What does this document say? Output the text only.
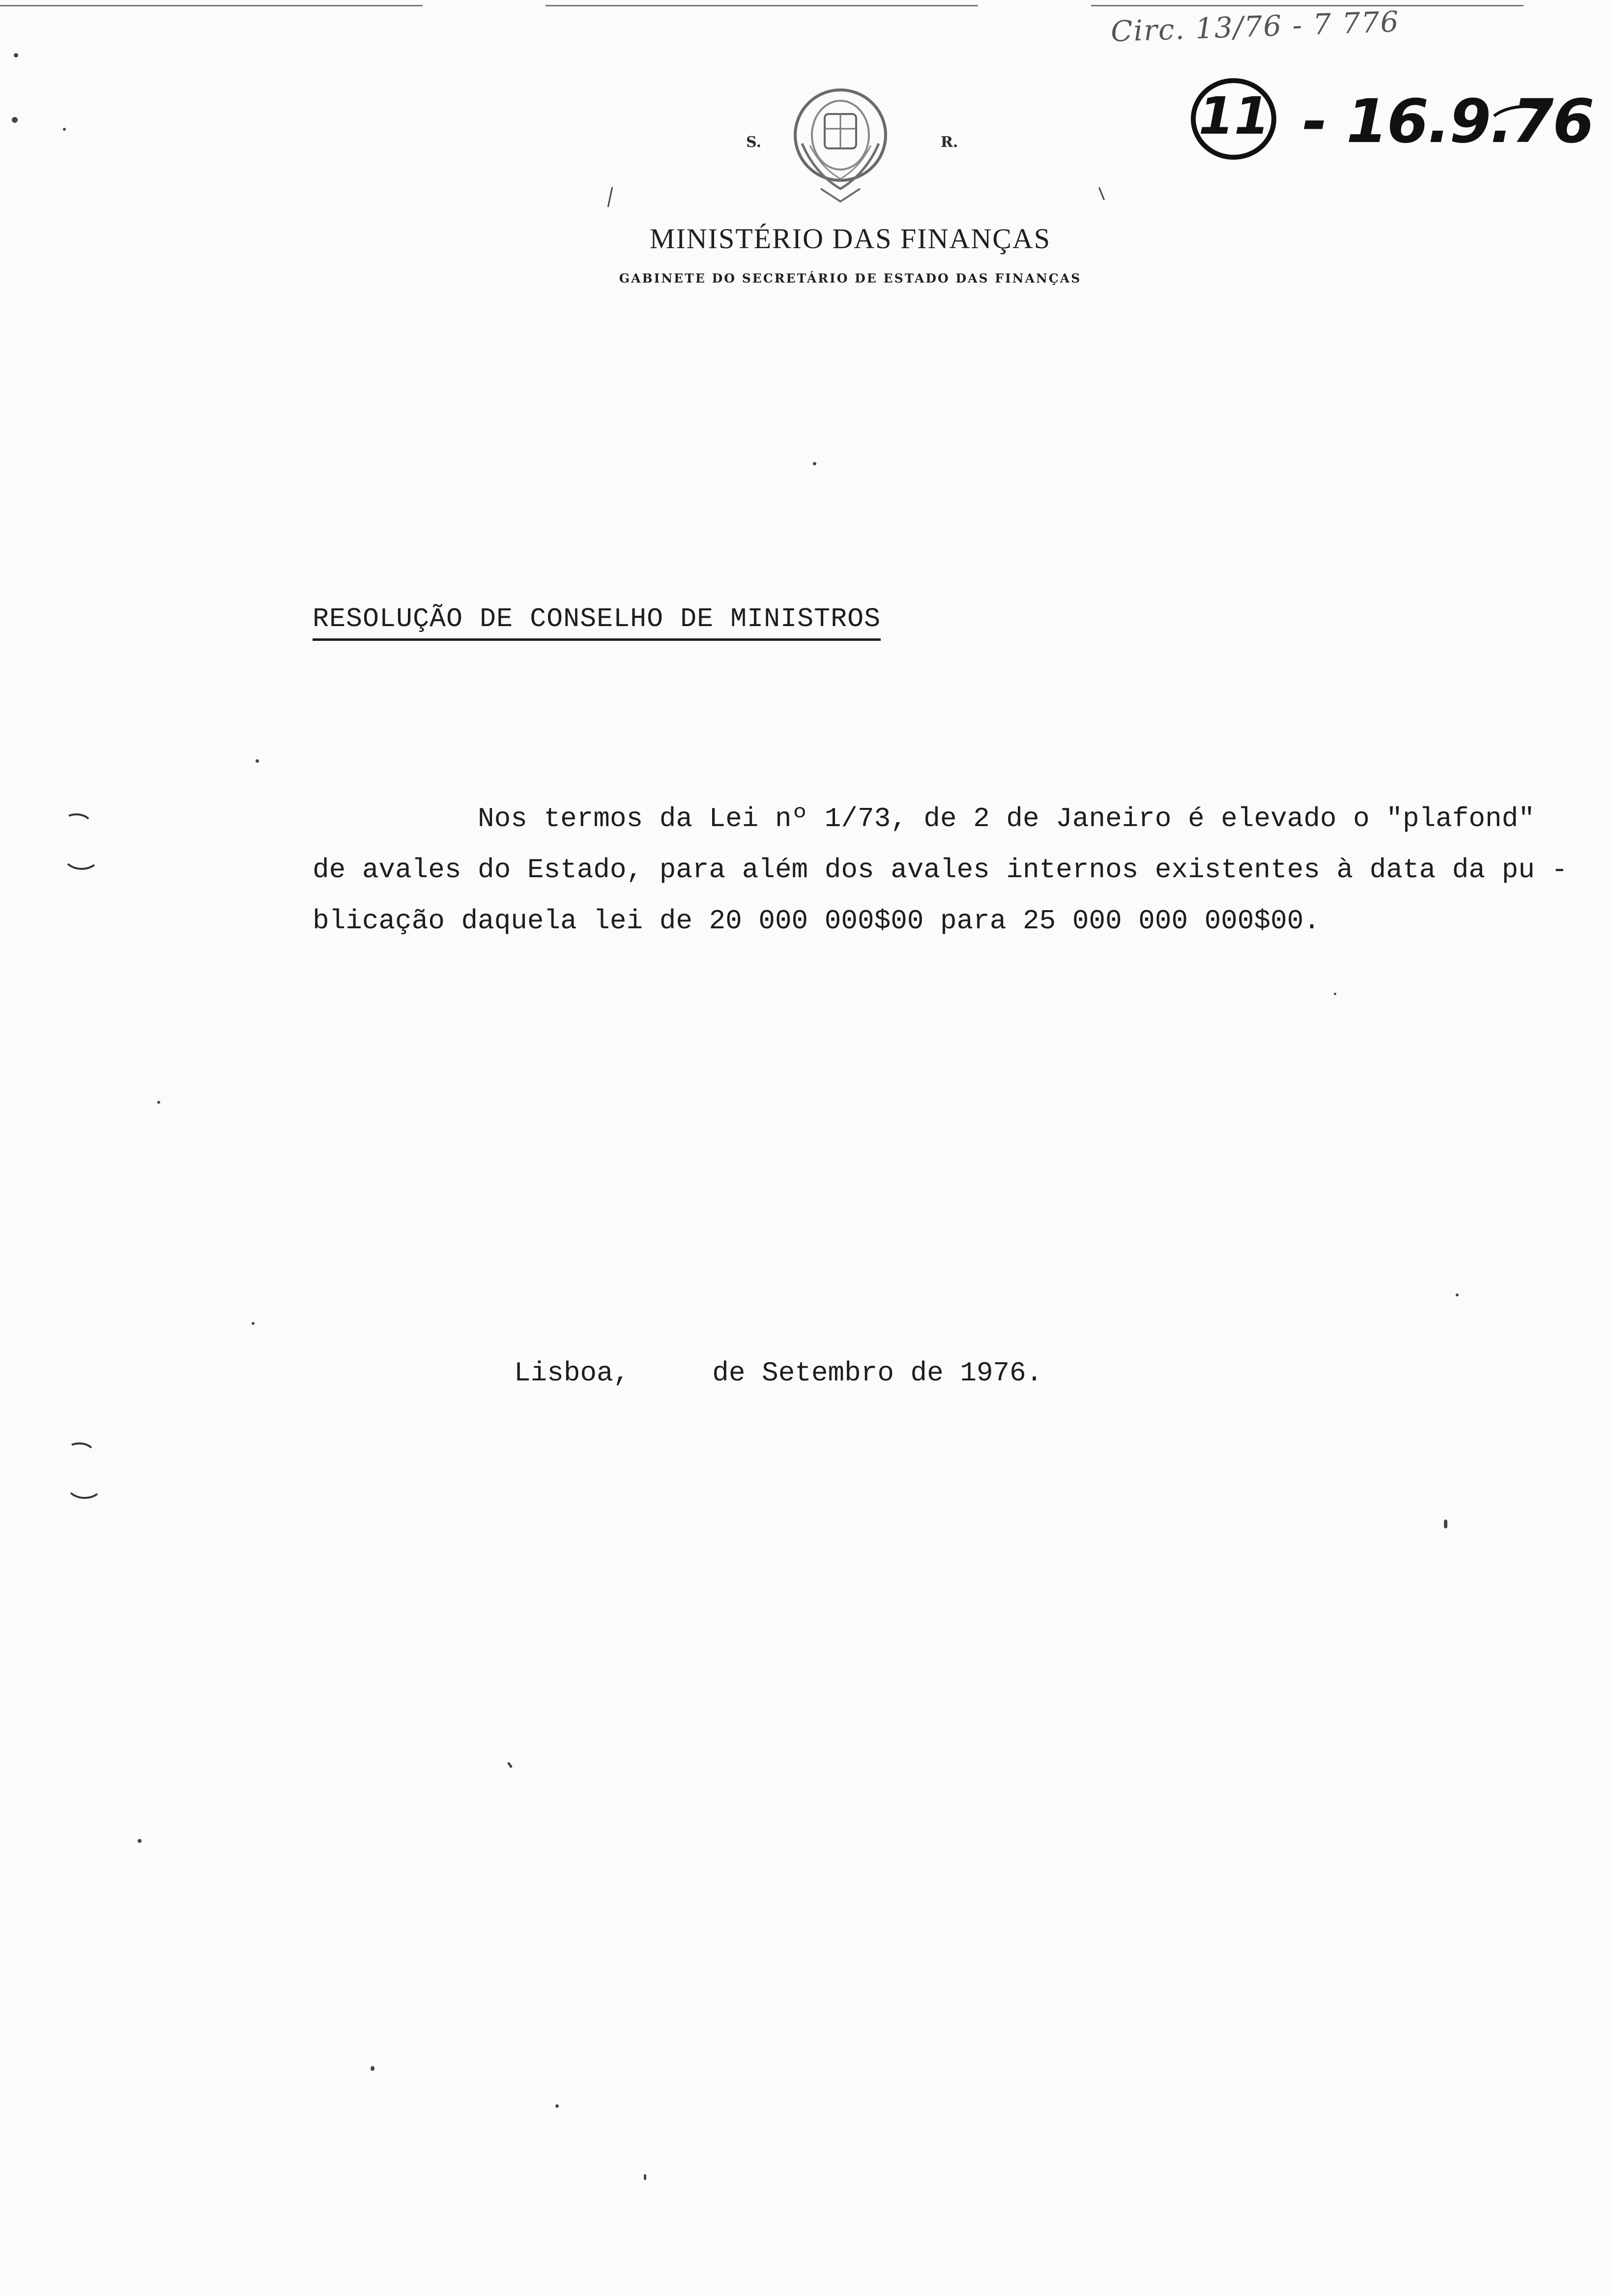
Circ. 13/76 - 7 776
11 - 16.9.76
S.	R.
MINISTÉRIO DAS FINANÇAS
GABINETE DO SECRETÁRIO DE ESTADO DAS FINANÇAS
RESOLUÇÃO DE CONSELHO DE MINISTROS
Nos termos da Lei nº 1/73, de 2 de Janeiro é elevado o "plafond"
de avales do Estado, para além dos avales internos existentes à data da pu -
blicação daquela lei de 20 000 000$00 para 25 000 000 000$00.
Lisboa,     de Setembro de 1976.
